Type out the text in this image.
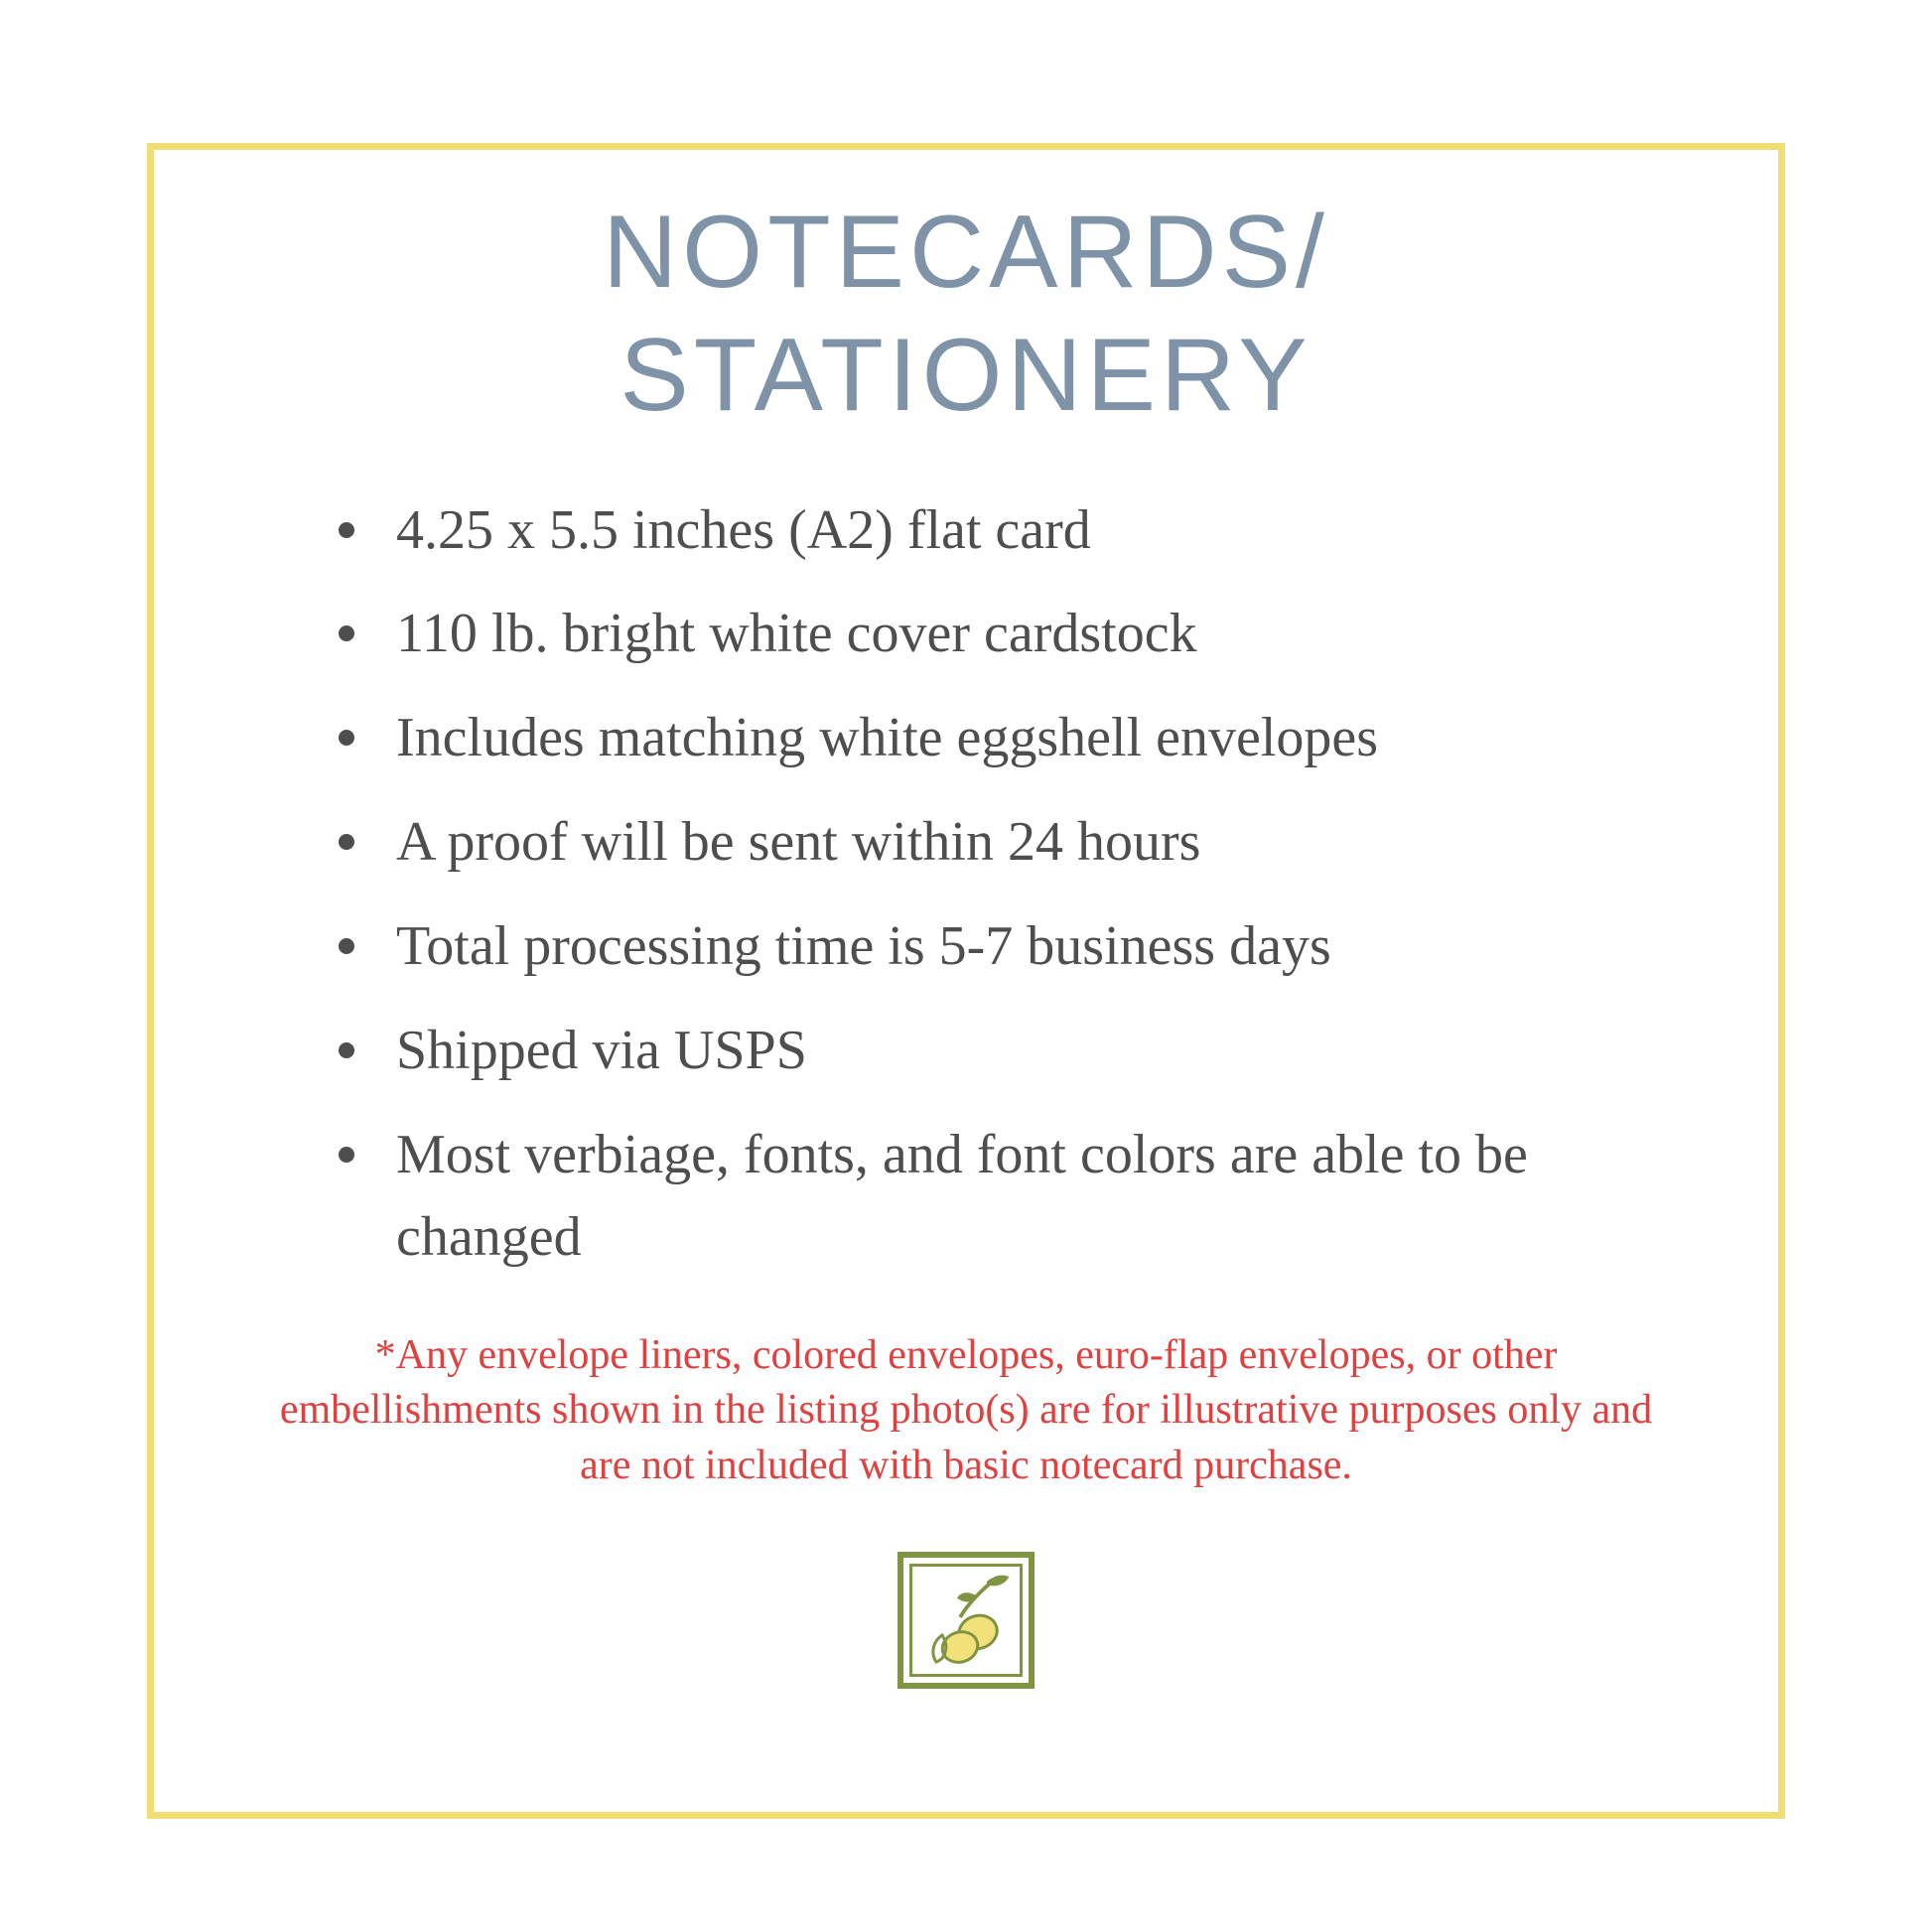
NOTECARDS/
STATIONERY
4.25 x 5.5 inches (A2) flat card
110 lb. bright white cover cardstock
Includes matching white eggshell envelopes
A proof will be sent within 24 hours
Total processing time is 5-7 business days
Shipped via USPS
Most verbiage, fonts, and font colors are able to be changed
*Any envelope liners, colored envelopes, euro-flap envelopes, or other embellishments shown in the listing photo(s) are for illustrative purposes only and are not included with basic notecard purchase.
